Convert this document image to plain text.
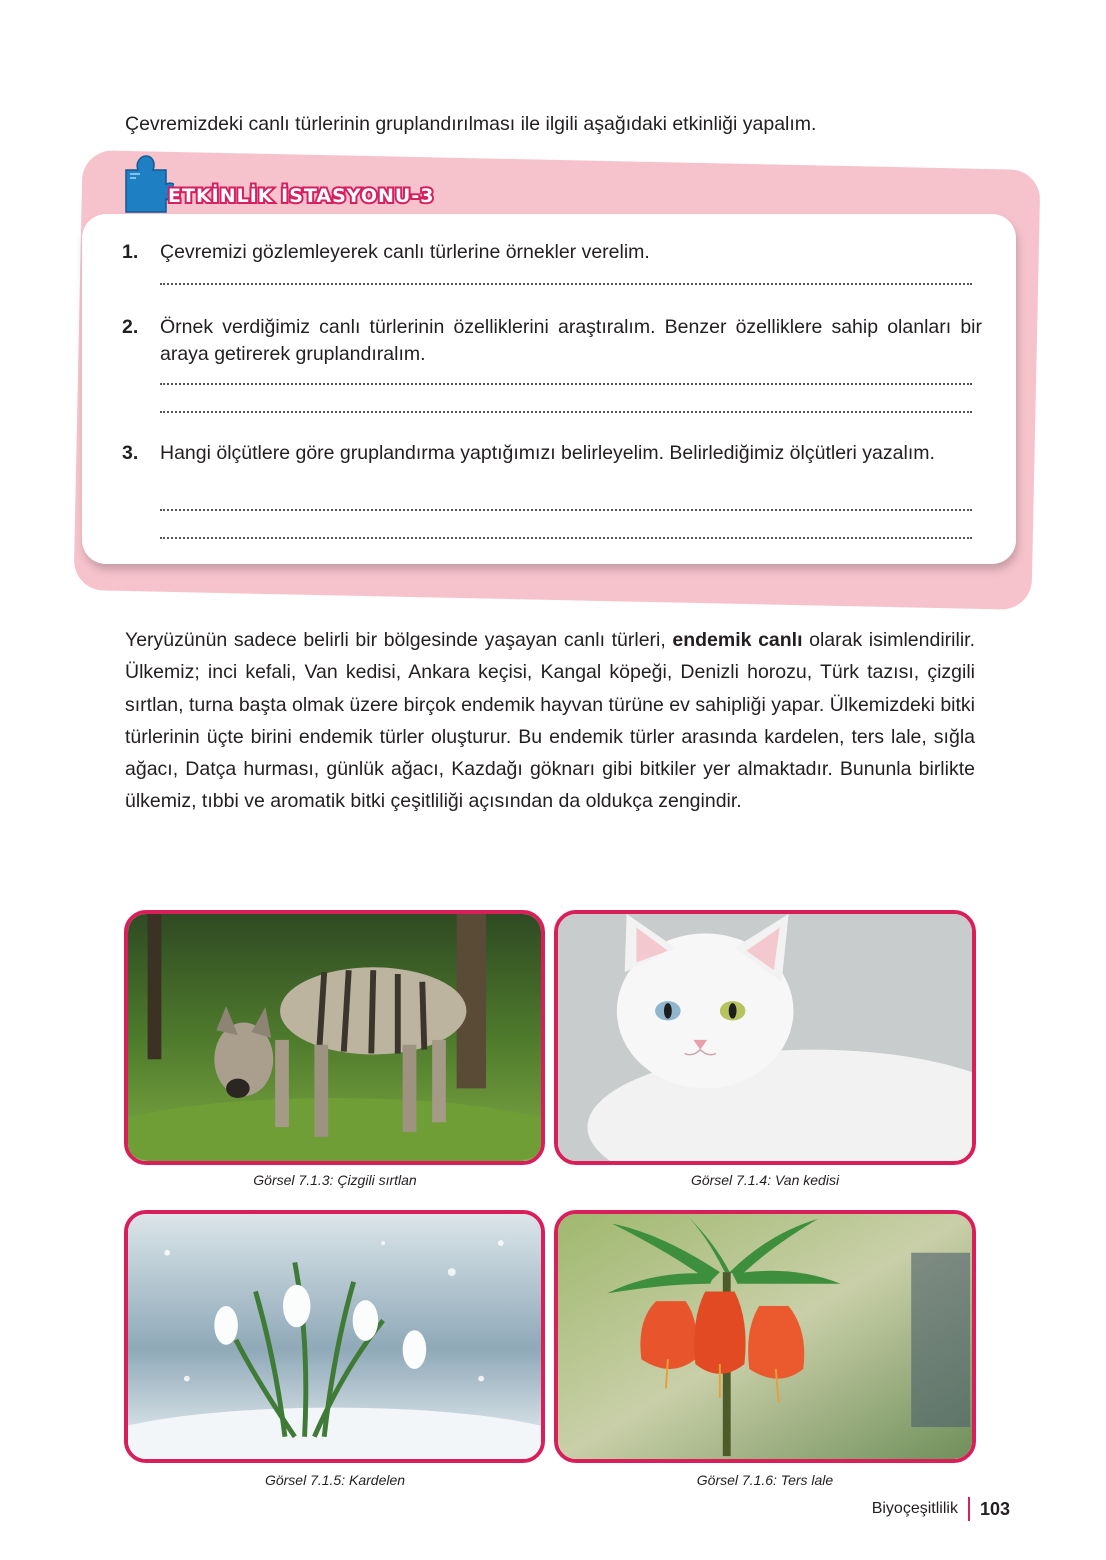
Çevremizdeki canlı türlerinin gruplandırılması ile ilgili aşağıdaki etkinliği yapalım.

ETKİNLİK İSTASYONU-3
1. Çevremizi gözlemleyerek canlı türlerine örnekler verelim.
2. Örnek verdiğimiz canlı türlerinin özelliklerini araştıralım. Benzer özelliklere sahip olanları bir araya getirerek gruplandıralım.
3. Hangi ölçütlere göre gruplandırma yaptığımızı belirleyelim. Belirlediğimiz ölçütleri yazalım.

Yeryüzünün sadece belirli bir bölgesinde yaşayan canlı türleri, endemik canlı olarak isimlendirilir. Ülkemiz; inci kefali, Van kedisi, Ankara keçisi, Kangal köpeği, Denizli horozu, Türk tazısı, çizgili sırtlan, turna başta olmak üzere birçok endemik hayvan türüne ev sahipliği yapar. Ülkemizdeki bitki türlerinin üçte birini endemik türler oluşturur. Bu endemik türler arasında kardelen, ters lale, sığla ağacı, Datça hurması, günlük ağacı, Kazdağı göknarı gibi bitkiler yer almaktadır. Bununla birlikte ülkemiz, tıbbi ve aromatik bitki çeşitliliği açısından da oldukça zengindir.

Görsel 7.1.3: Çizgili sırtlan	Görsel 7.1.4: Van kedisi
Görsel 7.1.5: Kardelen	Görsel 7.1.6: Ters lale
Biyoçeşitlilik 103
